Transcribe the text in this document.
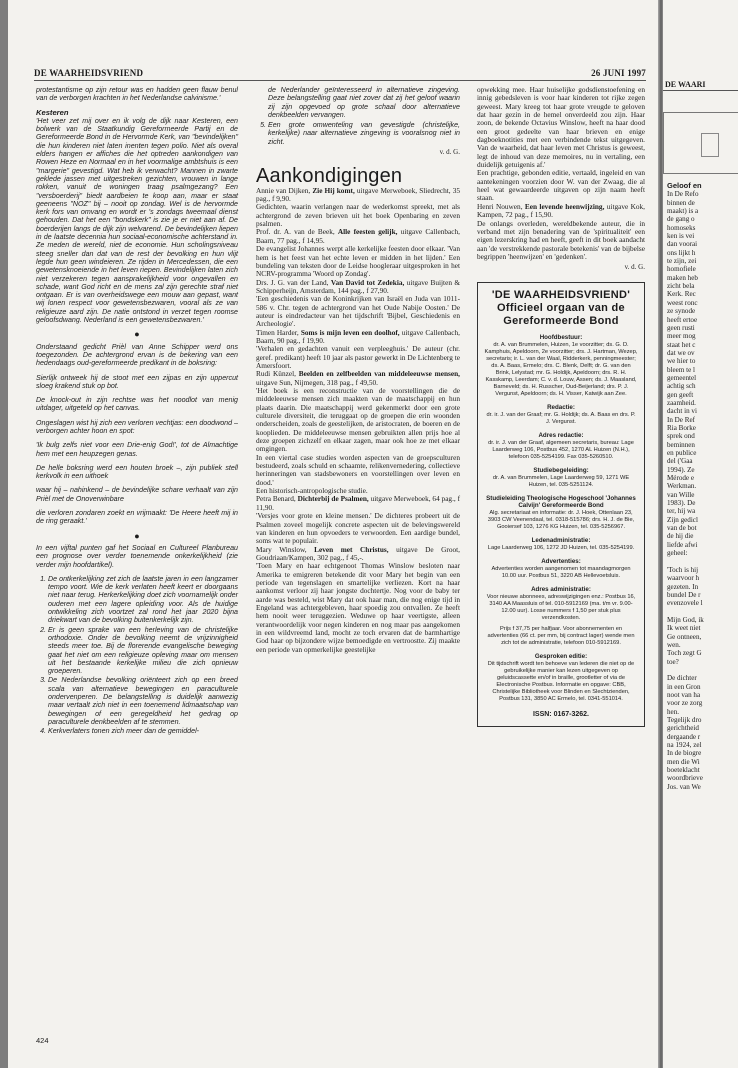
DE WAARHEIDSVRIEND	26 JUNI 1997

protestantisme op zijn retour was en hadden geen flauw benul van de verborgen krachten in het Nederlandse calvinisme.'

Kesteren

'Het veer zet mij over en ik volg de dijk naar Kesteren, een bolwerk van de Staatkundig Gereformeerde Partij en de Gereformeerde Bond in de Hervormde Kerk, van "bevindelijken" die hun kinderen niet laten inenten tegen polio. Niet als overal elders hangen er affiches die het optreden aankondigen van Rowen Heze en Normaal en in het voormalige ambtshuis is een "margerie" gevestigd. Wat heb ik verwacht? Mannen in zwarte geklede jassen met uitgestreken gezichten, vrouwen in lange rokken, vanuit de woningen traag psalmgezang? Een "versboerderij" biedt aardbeien te koop aan, maar er staat geeneens "NOZ" bij – nooit op zondag. Wel is de hervormde kerk fors van omvang en wordt er 's zondags tweemaal dienst gehouden. Dat het een "bondskerk" is zie je er niet aan af. De boerderijen langs de dijk zijn welvarend. De bevindelijken liepen in de laatste decennia hun sociaal-economische achterstand in. Ze meden de wereld, niet de economie. Hun scholingsniveau steeg sneller dan dat van de rest der bevolking en hun vlijt legde hun geen windeieren. Ze rijden in Mercedessen, die een gewetensknoeiende in het leven riepen. Bevindelijken laten zich niet verzekeren tegen aansprakelijkheid voor ongevallen en schade, want God richt en de mens zal zijn gerechte straf niet ontgaan. Er is van overheidswege een mouw aan gepast, want wij lonen respect voor gewetensbezwaren, vooral als ze van religieuze aard zijn. De natie ontstond in verzet tegen roomse geloofsdwang. Nederland is een gewetensbezwaren.'

●

Onderstaand gedicht Prièl van Anne Schipper werd ons toegezonden. De achtergrond ervan is de bekering van een hedendaags oud-gereformeerde predikant in de boksring:

Sierlijk ontweek hij de stoot met een zijpas en zijn uppercut sloeg krakend stuk op bot.

De knock-out in zijn rechtse was het noodlot van menig uitdager, uitgeteld op het canvas.

Ongeslagen wist hij zich een verloren vechtjas: een doodwond – verborgen achter hoon en spot:

'Ik bulg zelfs niet voor een Drie-enig God!', tot de Almachtige hem met een heupzegen genas.

De helle boksring werd een houten broek –, zijn publiek stell kerkvolk in een uithoek

waar hij – nahinkend – de bevindelijke schare verhaalt van zijn Prièl met de Onoverwinbare

die verloren zondaren zoekt en vrijmaakt: 'De Heere heeft mij in de ring geraakt.'

●

In een vijftal punten gaf het Sociaal en Cultureel Planbureau een prognose over verder toenemende onkerkelijkheid (zie verder mijn hoofdartikel).

1. De ontkerkelijking zet zich de laatste jaren in een langzamer tempo voort. Wie de kerk verlaten heeft keert er doorgaans niet naar terug. Herkerkelijking doet zich voornamelijk onder ouderen met een lagere opleiding voor. Als de huidige ontwikkeling zich voortzet zal rond het jaar 2020 bijna driekwart van de bevolking buitenkerkelijk zijn.
2. Er is geen sprake van een herleving van de christelijke orthodoxie. Onder de bevolking neemt de vrijzinnigheid steeds meer toe. Bij de florerende evangelische beweging gaat het niet om een religieuze opleving maar om mensen uit het bestaande kerkelijke milieu die zich opnieuw groeperen.
3. De Nederlandse bevolking oriënteert zich op een breed scala van alternatieve bewegingen en paraculturele ondervenperen. De belangstelling is duidelijk aanwezig maar vertaalt zich niet in een toenemend lidmaatschap van bewegingen of een geregeldheid het gedrag op paraculturele denkbeelden af te stemmen.
4. Kerkverlaters tonen zich meer dan de gemiddel-

de Nederlander geïnteresseerd in alternatieve zingeving. Deze belangstelling gaat niet zover dat zij het geloof waarin zij zijn opgevoed op grote schaal door alternatieve denkbeelden vervangen.

5. Een grote omwenteling van gevestigde (christelijke, kerkelijke) naar alternatieve zingeving is vooralsnog niet in zicht.
v. d. G.
Aankondigingen

Annie van Dijken, Zie Hij komt, uitgave Merweboek, Sliedrecht, 35 pag., f 9,90.

Gedichten, waarin verlangen naar de wederkomst spreekt, met als achtergrond de zeven brieven uit het boek Openbaring en zeven psalmen.

Prof. dr. A. van de Beek, Alle feesten gelijk, uitgave Callenbach, Baarn, 77 pag., f 14,95.

De evangelist Johannes werpt alle kerkelijke feesten door elkaar. 'Van hem is het feest van het echte leven er midden in het lijden.' Een bundeling van teksten door de Leidse hoogleraar uitgesproken in het NCRV-programma 'Woord op Zondag'.

Drs. J. G. van der Land, Van David tot Zedekia, uitgave Buijten & Schipperheijn, Amsterdam, 144 pag., f 27,90.

'Een geschiedenis van de Koninkrijken van Israël en Juda van 1011-586 v. Chr. tegen de achtergrond van het Oude Nabije Oosten.' De auteur is eindredacteur van het tijdschrift 'Bijbel, Geschiedenis en Archeologie'.

Timen Harder, Soms is mijn leven een doolhof, uitgave Callenbach, Baarn, 90 pag., f 19,90.

'Verhalen en gedachten vanuit een verpleeghuis.' De auteur (chr. geref. predikant) heeft 10 jaar als pastor gewerkt in De Lichtenberg te Amersfoort.

Rudi Künzel, Beelden en zelfbeelden van middeleeuwse mensen, uitgave Sun, Nijmegen, 318 pag., f 49,50.

'Het boek is een reconstructie van de voorstellingen die de middeleeuwse mensen zich maakten van de maatschappij en hun plaats daarin. Die maatschappij werd gekenmerkt door een grote culturele diversiteit, die teruggaat op de groepen die erin woonden onderscheiden, zoals de geestelijken, de aristocraten, de boeren en de kooplieden. De middeleeuwse mensen gebruikten allen prijs hoe al deze groepen zichzelf en elkaar zagen, maar ook hoe ze met elkaar omgingen.

In een viertal case studies worden aspecten van de groepsculturen bestudeerd, zoals schuld en schaamte, relikenvernedering, collectieve herinneringen van stadsbewoners en voorstellingen over leven en dood.'

Een historisch-antropologische studie.

Petra Benard, Dichterbij de Psalmen, uitgave Merweboek, 64 pag., f 11,90.

'Versjes voor grote en kleine mensen.' De dichteres probeert uit de Psalmen zoveel mogelijk concrete aspecten uit de belevingswereld van kinderen en hun opvoeders te verwoorden. Een aardige bundel, soms wat te populair.

Mary Winslow, Leven met Christus, uitgave De Groot, Goudriaan/Kampen, 302 pag., f 45,-.

'Toen Mary en haar echtgenoot Thomas Winslow besloten naar Amerika te emigreren betekende dit voor Mary het begin van een periode van tegenslagen en smartelijke verliezen. Kort na haar aankomst verloor zij haar jongste dochtertje. Nog voor de baby ter aarde was besteld, wist Mary dat ook haar man, die nog enige tijd in Engeland was achtergebleven, haar spoedig zou ontvallen. Ze heeft hem nooit weer teruggezien. Weduwe op haar veertigste, alleen verantwoordelijk voor negen kinderen en nog maar pas aangekomen in een wildvreemd land, mocht ze toch ervaren dat de barmhartige God haar op bijzondere wijze bemoedigde en vertroostte. Zij maakte een periode van opmerkelijke geestelijke

opwekking mee. Haar huiselijke godsdienstoefening en innig gebedsleven is voor haar kinderen tot rijke zegen geweest. Mary kreeg tot haar grote vreugde te geloven dat haar gezin in de hemel onverdeeld zou zijn. Haar zoon, de bekende Octavius Winslow, heeft na haar dood een groot gedeelte van haar brieven en enige dagboeknotities met een verbindende tekst uitgegeven. Van de waarheid, dat haar leven met Christus is geweest, legt de inhoud van deze memoires, nu in vertaling, een duidelijk getuigenis af.'

Een prachtige, gebonden editie, vertaald, ingeleid en van aantekeningen voorzien door W. van der Zwaag, die al heel wat gewaardeerde uitgaven op zijn naam heeft staan.

Henri Nouwen, Een levende heenwijzing, uitgave Kok, Kampen, 72 pag., f 15,90.

De onlangs overleden, wereldbekende auteur, die in verband met zijn benadering van de 'spiritualiteit' een eigen lezerskring had en heeft, geeft in dit boek aandacht aan 'de verstrekkende pastorale betekenis' van de bijbelse begrippen 'heenwijzen' en 'gedenken'.

v. d. G.
'DE WAARHEIDSVRIEND'
Officieel orgaan van de
Gereformeerde Bond
Hoofdbestuur:
dr. A. van Brummelen, Huizen, 1e voorzitter; ds. G. D. Kamphuis, Apeldoorn, 2e voorzitter; drs. J. Hartman, Wezep, secretaris; ir. L. van der Waal, Ridderkerk, penningmeester; ds. A. Baas, Ermelo; drs. C. Blenk, Delft; dr. G. van den Brink, Lelystad; mr. G. Holdijk, Apeldoorn; drs. R. H. Kasskamp, Leerdam; C. v. d. Louw, Assen; ds. J. Maasland, Barneveld; ds. H. Russcher, Oud-Beijerland; drs. P. J. Vergunst, Apeldoorn; ds. H. Visser, Katwijk aan Zee.
Redactie:
dr. ir. J. van der Graaf; mr. G. Holdijk; ds. A. Baas en drs. P. J. Vergunst.
Adres redactie:
dr. ir. J. van der Graaf, algemeen secretaris, bureau: Lage Laarderweg 106, Postbus 452, 1270 AL Huizen (N.H.), telefoon 035-5254199. Fax 035-5260510.
Studiebegeleiding:
dr. A. van Brummelen, Lage Laarderweg 59, 1271 WE Huizen, tel. 035-5251124.
Studieleiding Theologische Hogeschool 'Johannes Calvijn' Gereformeerde Bond
Alg. secretariaat en informatie: dr. J. Hoek, Ottenlaan 23, 3903 CW Veenendaal, tel. 0318-515786; drs. H. J. de Bie, Gooiersef 103, 1276 KG Huizen, tel. 035-5256967.
Ledenadministratie:
Lage Laarderweg 106, 1272 JD Huizen, tel. 035-5254199.
Advertenties:
Advertenties worden aangenomen tot maandagmorgen 10.00 uur. Postbus 51, 3220 AB Hellevoetsluis.
Adres administratie:
Voor nieuwe abonnees, adreswijzigingen enz.: Postbus 16, 3140 AA Maassluis of tel. 010-5912169 (ma. t/m vr. 9.00-12.00 uur). Losse nummers f 1,50 per stuk plus verzendkosten.
Prijs f 37,75 per halfjaar. Voor abonnementen en advertenties (66 ct. per mm, bij contract lager) wende men zich tot de administratie, telefoon 010-5912169.
Gesproken editie:
Dit tijdschrift wordt ten behoeve van lederen die niet op de gebruikelijke manier kan lezen uitgegeven op geluidscassette en/of in braille, grootletter of via de Electronische Postbus. Informatie en opgave: CBB, Christelijke Bibliotheek voor Blinden en Slechtzienden, Postbus 131, 3850 AC Ermelo, tel. 0341-551014.
ISSN: 0167-3262.
424
DE WAARI
Geloof en
In De Refo
binnen de
maakt) is a
de gang o
homoseks
ken is vei
dan voorai
ons lijkt h
te zijn, zei
homofiele
maken heb
zicht bela
Kerk. Rec
weest ronc
ze synode
heeft ertoe
geen rusti
meer mog
staat het c
dat we ov
we hier to
bleem te l
gemeentel
achtig sch
gen geeft
zaamheid.
dacht in vi
In De Ref
Ria Borke
sprek ond
beminnen
en publice
del ('Gaa
1994). Ze
Mérode e
Werkman.
van Wille
1983). De
ter, hij wa
Zijn gedicl
van de bot
de hij die
liefde afwi
geheel:

'Toch is hij
waarvoor h
gezeten. In
bundel De r
evenzovele l

Mijn God, ik
Ik weet niet
Ge ontneen,
wen.
Toch zegt G
toe?

De dichter
in een Gron
noot van ha
voor ze zorg
hen.
Tegelijk dro
gerichtheid
dergaande r
na 1924, zel
In de biogre
men die Wi
boeteklacht
woordbrieve
Jos. van We
